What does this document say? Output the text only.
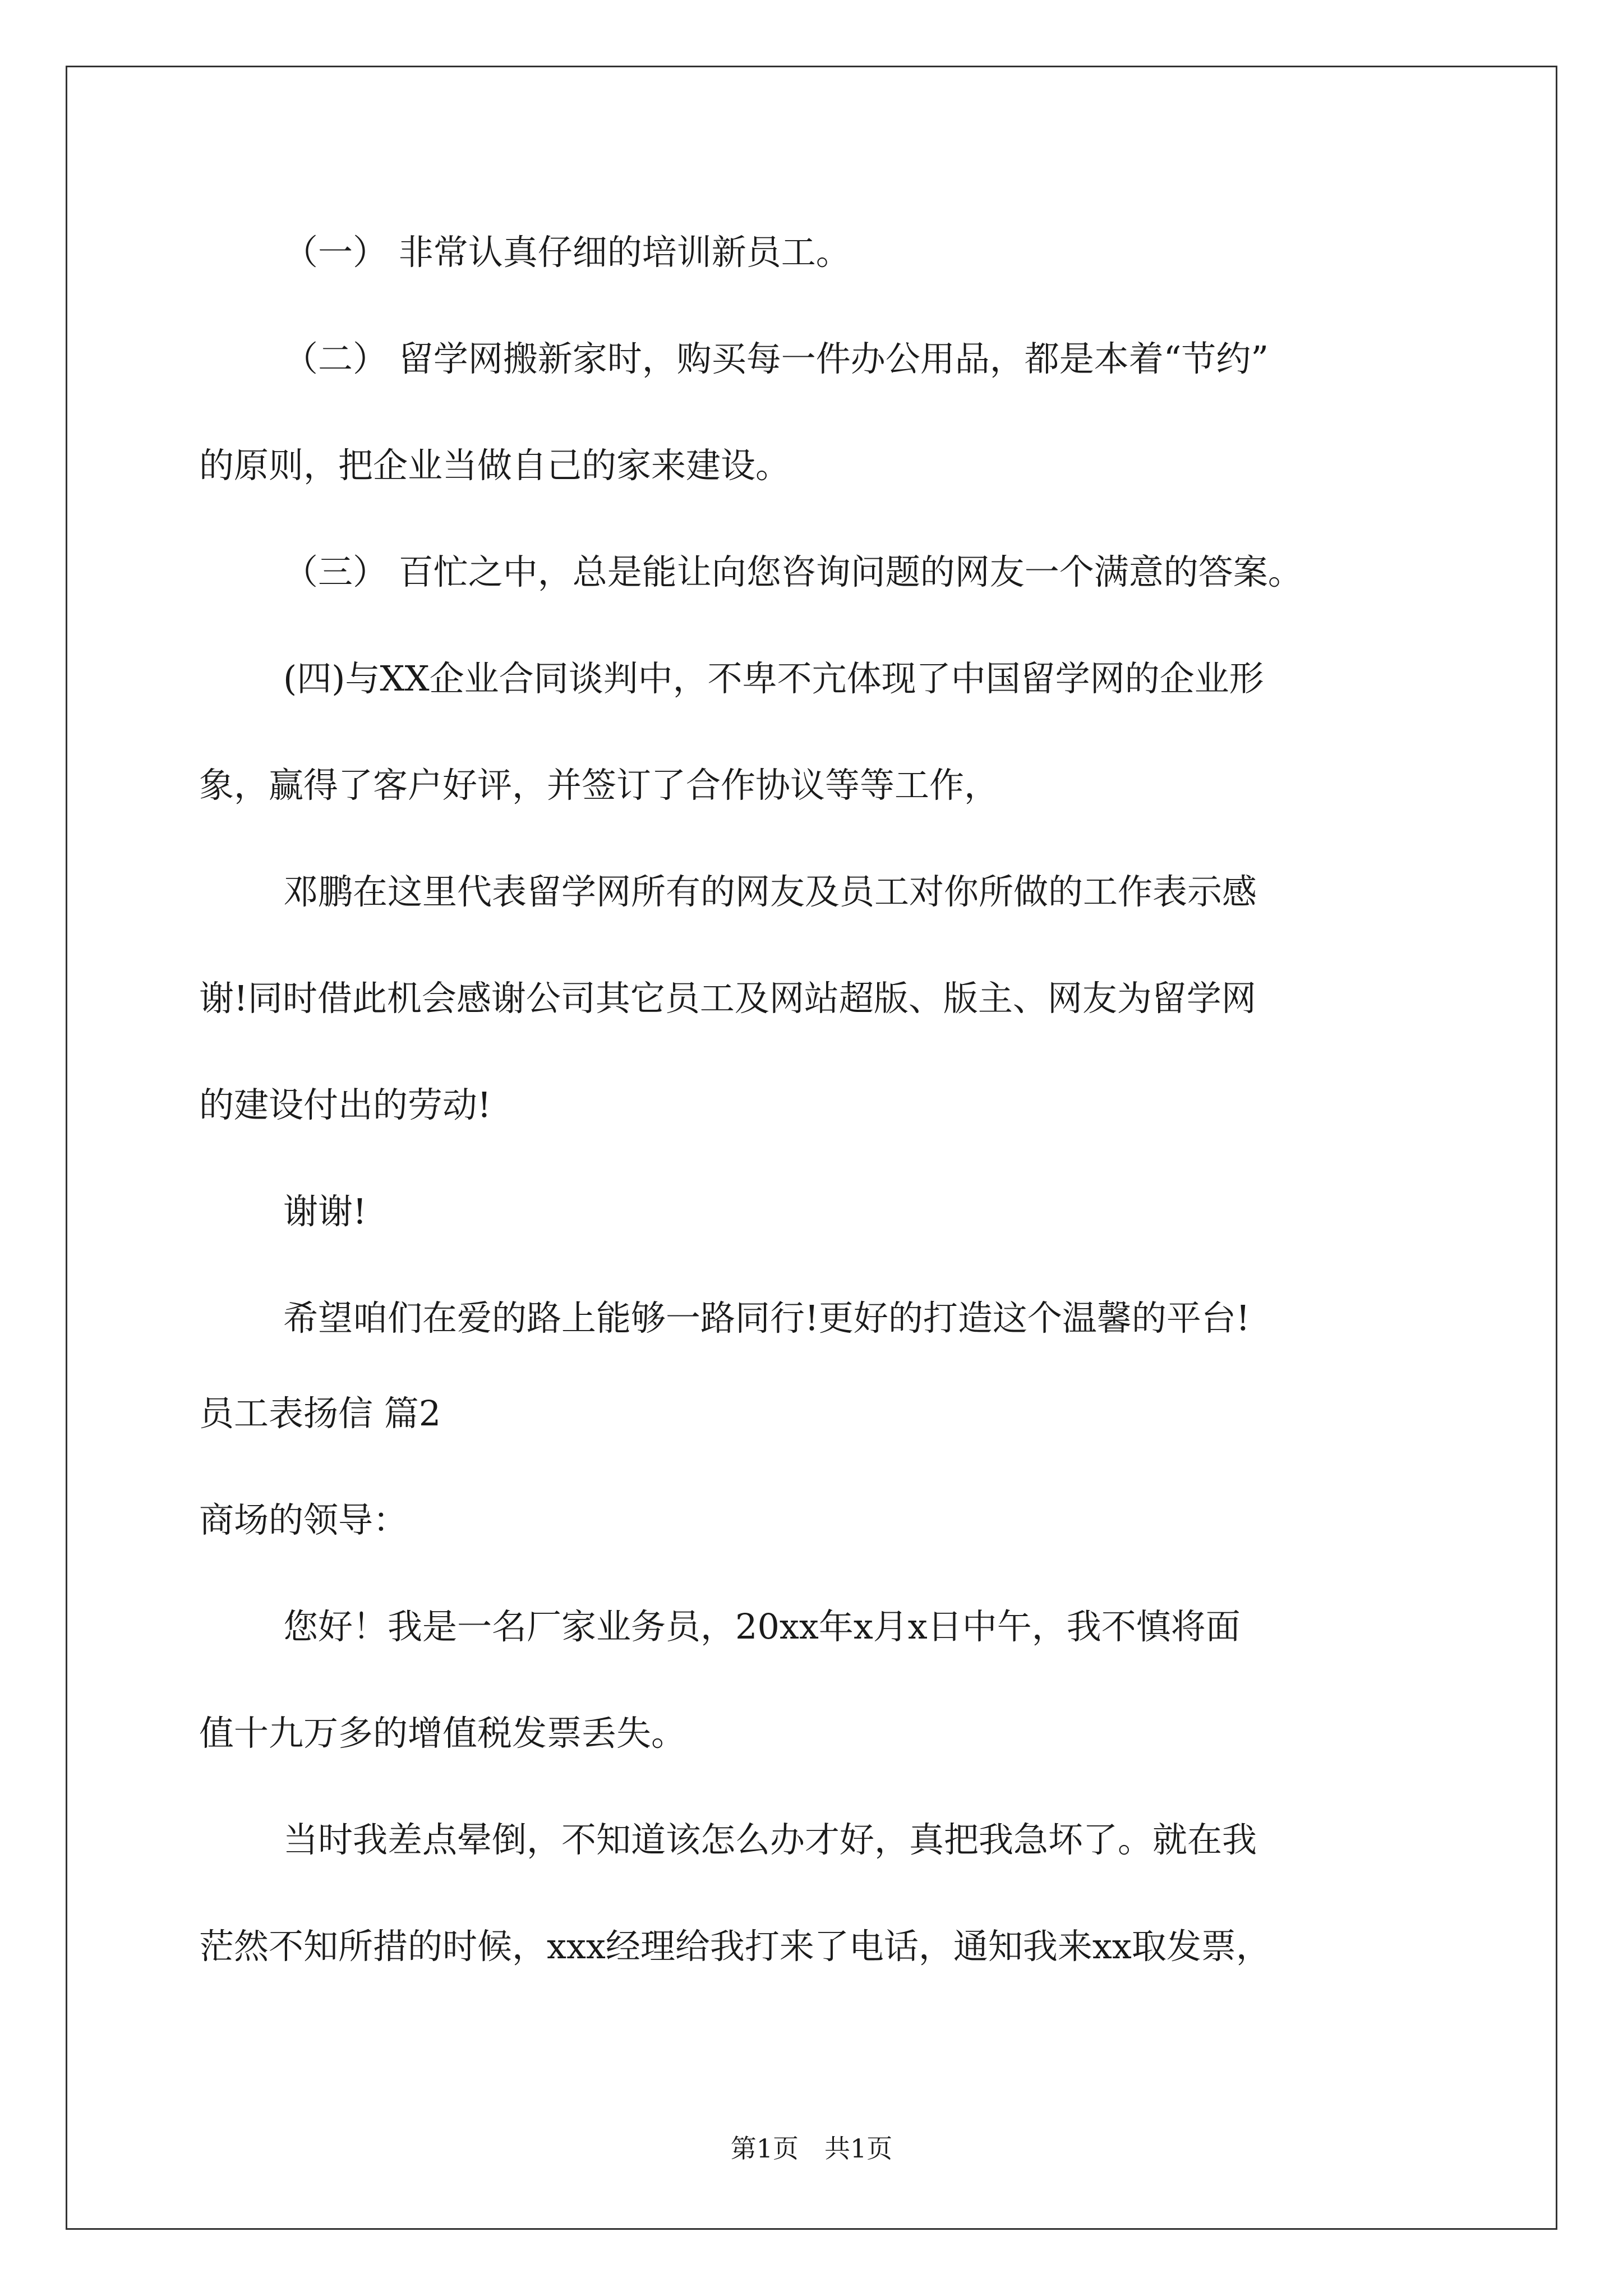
（一） 非常认真仔细的培训新员工。
（二） 留学网搬新家时，购买每一件办公用品，都是本着“节约”
的原则，把企业当做自己的家来建设。
（三） 百忙之中，总是能让向您咨询问题的网友一个满意的答案。
(四)与XX企业合同谈判中，不卑不亢体现了中国留学网的企业形
象，赢得了客户好评，并签订了合作协议等等工作，
邓鹏在这里代表留学网所有的网友及员工对你所做的工作表示感
谢!同时借此机会感谢公司其它员工及网站超版、版主、网友为留学网
的建设付出的劳动!
谢谢!
希望咱们在爱的路上能够一路同行!更好的打造这个温馨的平台!
员工表扬信 篇2
商场的领导：
您好！我是一名厂家业务员，20xx年x月x日中午，我不慎将面
值十九万多的增值税发票丢失。
当时我差点晕倒，不知道该怎么办才好，真把我急坏了。就在我
茫然不知所措的时候，xxx经理给我打来了电话，通知我来xx取发票，
第1页　共1页
